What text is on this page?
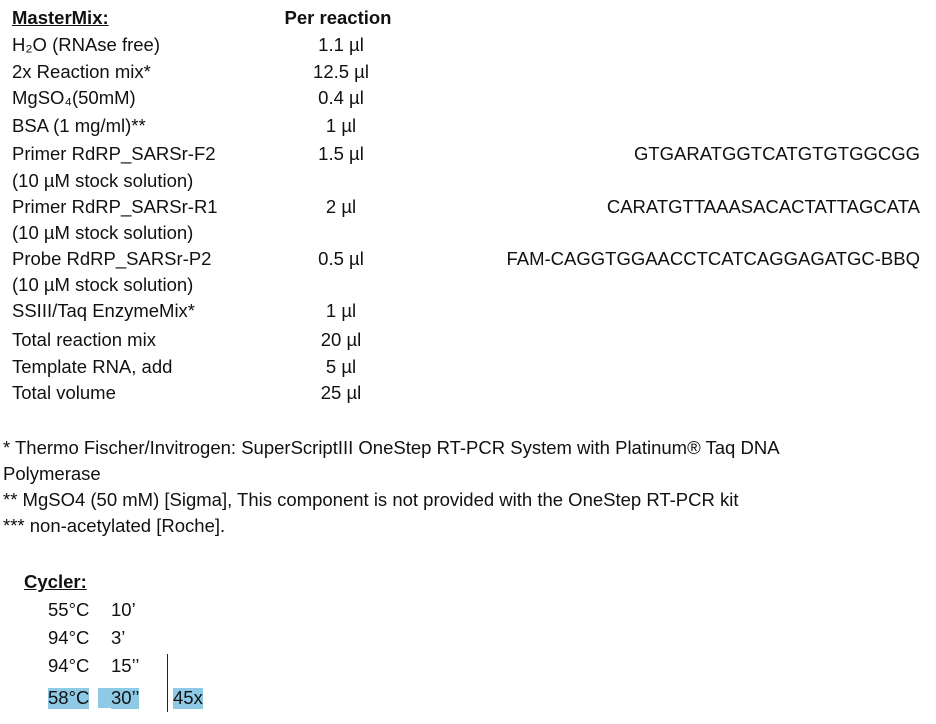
MasterMix:	Per reaction
H₂O (RNAse free)	1.1 µl
2x Reaction mix*	12.5 µl
MgSO₄(50mM)	0.4 µl
BSA (1 mg/ml)**	1 µl
Primer RdRP_SARSr-F2	1.5 µl	GTGARATGGTCATGTGTGGCGG
(10 µM stock solution)
Primer RdRP_SARSr-R1	2 µl	CARATGTTAAASACACTATTAGCATA
(10 µM stock solution)
Probe RdRP_SARSr-P2	0.5 µl	FAM-CAGGTGGAACCTCATCAGGAGATGC-BBQ
(10 µM stock solution)
SSIII/Taq EnzymeMix*	1 µl
Total reaction mix	20 µl
Template RNA, add	5 µl
Total volume	25 µl
* Thermo Fischer/Invitrogen: SuperScriptIII OneStep RT-PCR System with Platinum® Taq DNA
Polymerase
** MgSO4 (50 mM) [Sigma], This component is not provided with the OneStep RT-PCR kit
*** non-acetylated [Roche].
Cycler:
55°C 10’
94°C 3’
94°C 15’’
58°C 30’’ 45x
